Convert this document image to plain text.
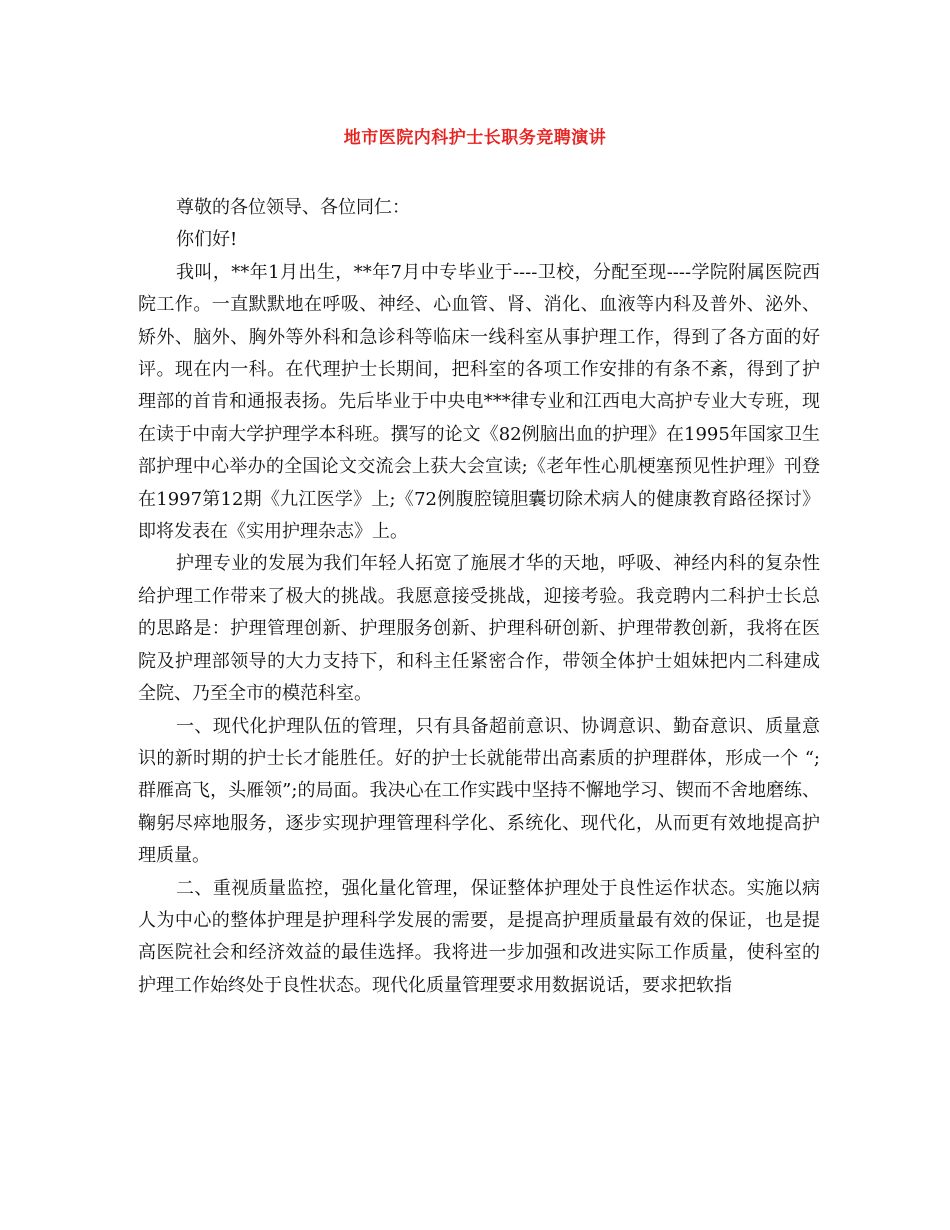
地市医院内科护士长职务竞聘演讲

尊敬的各位领导、各位同仁：

你们好!

我叫，**年1月出生，**年7月中专毕业于----卫校，分配至现----学院附属医院西院工作。一直默默地在呼吸、神经、心血管、肾、消化、血液等内科及普外、泌外、矫外、脑外、胸外等外科和急诊科等临床一线科室从事护理工作，得到了各方面的好评。现在内一科。在代理护士长期间，把科室的各项工作安排的有条不紊，得到了护理部的首肯和通报表扬。先后毕业于中央电***律专业和江西电大高护专业大专班，现在读于中南大学护理学本科班。撰写的论文《82例脑出血的护理》在1995年国家卫生部护理中心举办的全国论文交流会上获大会宣读;《老年性心肌梗塞预见性护理》刊登在1997第12期《九江医学》上;《72例腹腔镜胆囊切除术病人的健康教育路径探讨》即将发表在《实用护理杂志》上。

护理专业的发展为我们年轻人拓宽了施展才华的天地，呼吸、神经内科的复杂性给护理工作带来了极大的挑战。我愿意接受挑战，迎接考验。我竞聘内二科护士长总的思路是：护理管理创新、护理服务创新、护理科研创新、护理带教创新，我将在医院及护理部领导的大力支持下，和科主任紧密合作，带领全体护士姐妹把内二科建成全院、乃至全市的模范科室。

一、现代化护理队伍的管理，只有具备超前意识、协调意识、勤奋意识、质量意识的新时期的护士长才能胜任。好的护士长就能带出高素质的护理群体，形成一个 “;群雁高飞，头雁领”;的局面。我决心在工作实践中坚持不懈地学习、锲而不舍地磨练、鞠躬尽瘁地服务，逐步实现护理管理科学化、系统化、现代化，从而更有效地提高护理质量。

二、重视质量监控，强化量化管理，保证整体护理处于良性运作状态。实施以病人为中心的整体护理是护理科学发展的需要，是提高护理质量最有效的保证，也是提高医院社会和经济效益的最佳选择。我将进一步加强和改进实际工作质量，使科室的护理工作始终处于良性状态。现代化质量管理要求用数据说话，要求把软指
